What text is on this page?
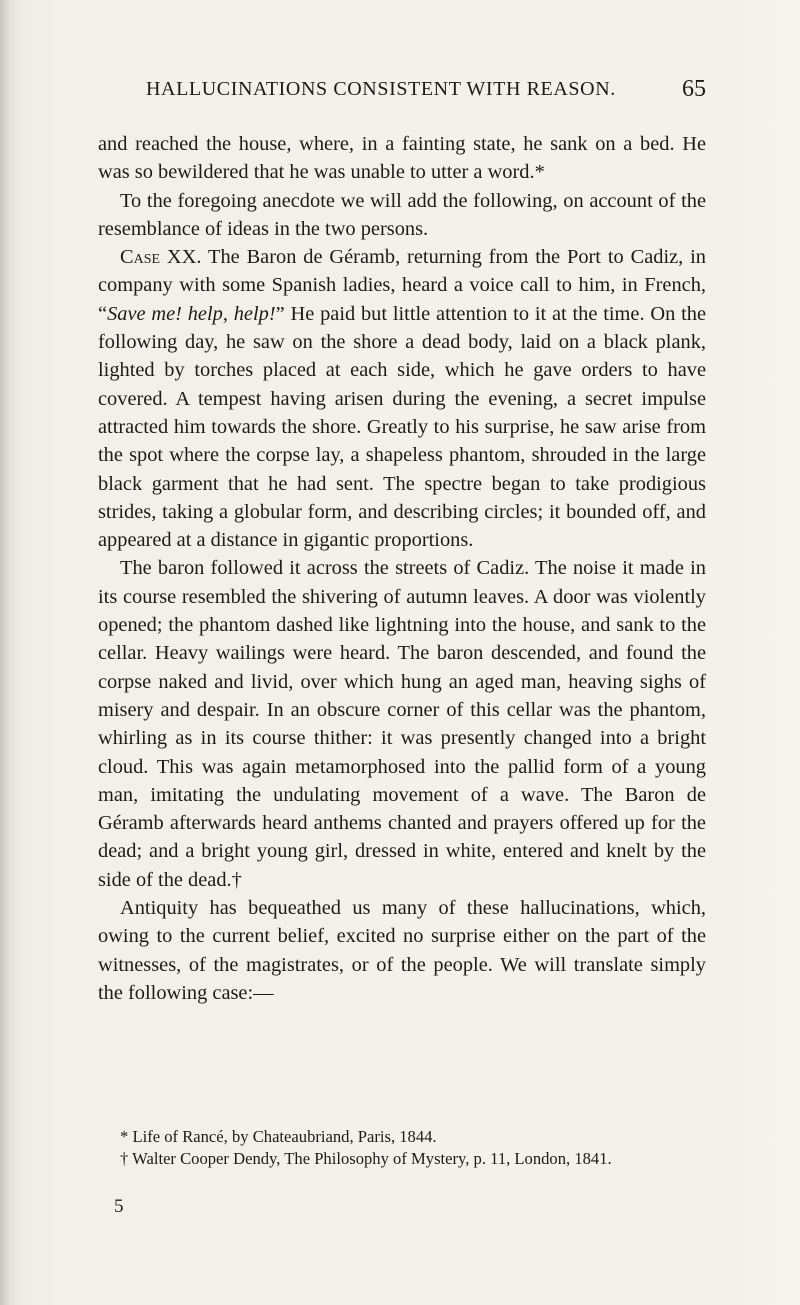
HALLUCINATIONS CONSISTENT WITH REASON.	65

and reached the house, where, in a fainting state, he sank on a bed. He was so bewildered that he was unable to utter a word.*

To the foregoing anecdote we will add the following, on account of the resemblance of ideas in the two persons.

Case XX. The Baron de Géramb, returning from the Port to Cadiz, in company with some Spanish ladies, heard a voice call to him, in French, “Save me! help, help!” He paid but little attention to it at the time. On the following day, he saw on the shore a dead body, laid on a black plank, lighted by torches placed at each side, which he gave orders to have covered. A tempest having arisen during the evening, a secret impulse attracted him towards the shore. Greatly to his surprise, he saw arise from the spot where the corpse lay, a shapeless phantom, shrouded in the large black garment that he had sent. The spectre began to take prodigious strides, taking a globular form, and describing circles; it bounded off, and appeared at a distance in gigantic proportions.

The baron followed it across the streets of Cadiz. The noise it made in its course resembled the shivering of autumn leaves. A door was violently opened; the phantom dashed like lightning into the house, and sank to the cellar. Heavy wailings were heard. The baron descended, and found the corpse naked and livid, over which hung an aged man, heaving sighs of misery and despair. In an obscure corner of this cellar was the phantom, whirling as in its course thither: it was presently changed into a bright cloud. This was again metamorphosed into the pallid form of a young man, imitating the undulating movement of a wave. The Baron de Géramb afterwards heard anthems chanted and prayers offered up for the dead; and a bright young girl, dressed in white, entered and knelt by the side of the dead.†

Antiquity has bequeathed us many of these hallucinations, which, owing to the current belief, excited no surprise either on the part of the witnesses, of the magistrates, or of the people. We will translate simply the following case:—

* Life of Rancé, by Chateaubriand, Paris, 1844.

† Walter Cooper Dendy, The Philosophy of Mystery, p. 11, London, 1841.

5
